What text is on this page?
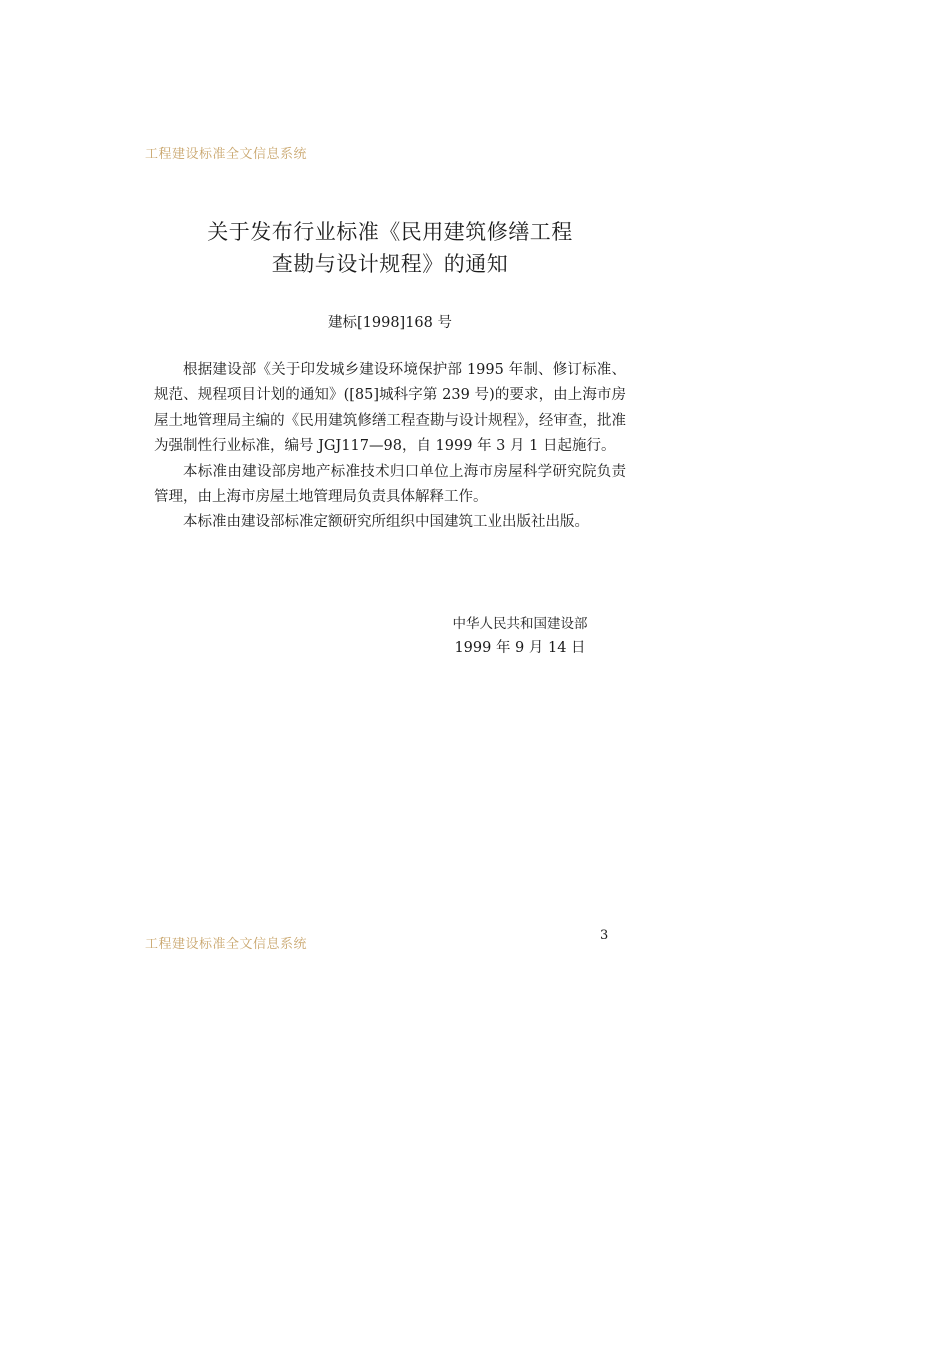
工程建设标准全文信息系统
关于发布行业标准《民用建筑修缮工程
查勘与设计规程》的通知
建标[1998]168 号

根据建设部《关于印发城乡建设环境保护部 1995 年制、修订标准、规范、规程项目计划的通知》([85]城科字第 239 号)的要求，由上海市房屋土地管理局主编的《民用建筑修缮工程查勘与设计规程》，经审查，批准为强制性行业标准，编号 JGJ117—98，自 1999 年 3 月 1 日起施行。

本标准由建设部房地产标准技术归口单位上海市房屋科学研究院负责管理，由上海市房屋土地管理局负责具体解释工作。

本标准由建设部标准定额研究所组织中国建筑工业出版社出版。

中华人民共和国建设部
1999 年 9 月 14 日
工程建设标准全文信息系统
3
